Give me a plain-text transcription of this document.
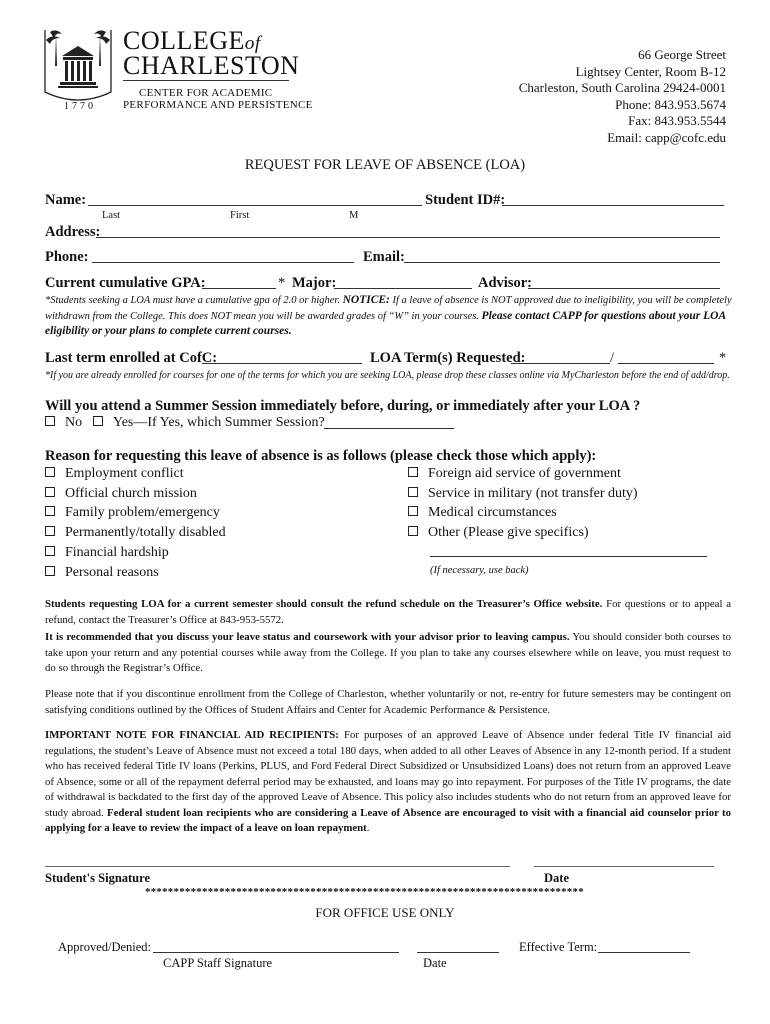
COLLEGEof
CHARLESTON
CENTER FOR ACADEMIC
PERFORMANCE AND PERSISTENCE
1770
66 George Street
Lightsey Center, Room B-12
Charleston, South Carolina 29424-0001
Phone: 843.953.5674
Fax: 843.953.5544
Email: capp@cofc.edu
REQUEST FOR LEAVE OF ABSENCE (LOA)
Name:	Student ID#:
Last	First	M
Address:
Phone:	Email:
Current cumulative GPA:	* Major:	Advisor:
*Students seeking a LOA must have a cumulative gpa of 2.0 or higher. NOTICE: If a leave of absence is NOT approved due to ineligibility, you will be completely withdrawn from the College. This does NOT mean you will be awarded grades of “W” in your courses. Please contact CAPP for questions about your LOA eligibility or your plans to complete current courses.
Last term enrolled at CofC:	LOA Term(s) Requested:	/	*
*If you are already enrolled for courses for one of the terms for which you are seeking LOA, please drop these classes online via MyCharleston before the end of add/drop.
Will you attend a Summer Session immediately before, during, or immediately after your LOA ?
No	Yes—If Yes, which Summer Session?
Reason for requesting this leave of absence is as follows (please check those which apply):
Employment conflict
Official church mission
Family problem/emergency
Permanently/totally disabled
Financial hardship
Personal reasons
Foreign aid service of government
Service in military (not transfer duty)
Medical circumstances
Other (Please give specifics)
(If necessary, use back)
Students requesting LOA for a current semester should consult the refund schedule on the Treasurer’s Office website. For questions or to appeal a refund, contact the Treasurer’s Office at 843-953-5572.
It is recommended that you discuss your leave status and coursework with your advisor prior to leaving campus. You should consider both courses to take upon your return and any potential courses while away from the College. If you plan to take any courses elsewhere while on leave, you must request to do so through the Registrar’s Office.
Please note that if you discontinue enrollment from the College of Charleston, whether voluntarily or not, re-entry for future semesters may be contingent on satisfying conditions outlined by the Offices of Student Affairs and Center for Academic Performance & Persistence.
IMPORTANT NOTE FOR FINANCIAL AID RECIPIENTS: For purposes of an approved Leave of Absence under federal Title IV financial aid regulations, the student’s Leave of Absence must not exceed a total 180 days, when added to all other Leaves of Absence in any 12-month period. If a student who has received federal Title IV loans (Perkins, PLUS, and Ford Federal Direct Subsidized or Unsubsidized Loans) does not return from an approved Leave of Absence, some or all of the repayment deferral period may be exhausted, and loans may go into repayment. For purposes of the Title IV programs, the date of withdrawal is backdated to the first day of the approved Leave of Absence. This policy also includes students who do not return from an approved leave for study abroad. Federal student loan recipients who are considering a Leave of Absence are encouraged to visit with a financial aid counselor prior to applying for a leave to review the impact of a leave on loan repayment.
Student's Signature	Date
*****************************************************************************
FOR OFFICE USE ONLY
Approved/Denied:	Effective Term:
CAPP Staff Signature	Date
